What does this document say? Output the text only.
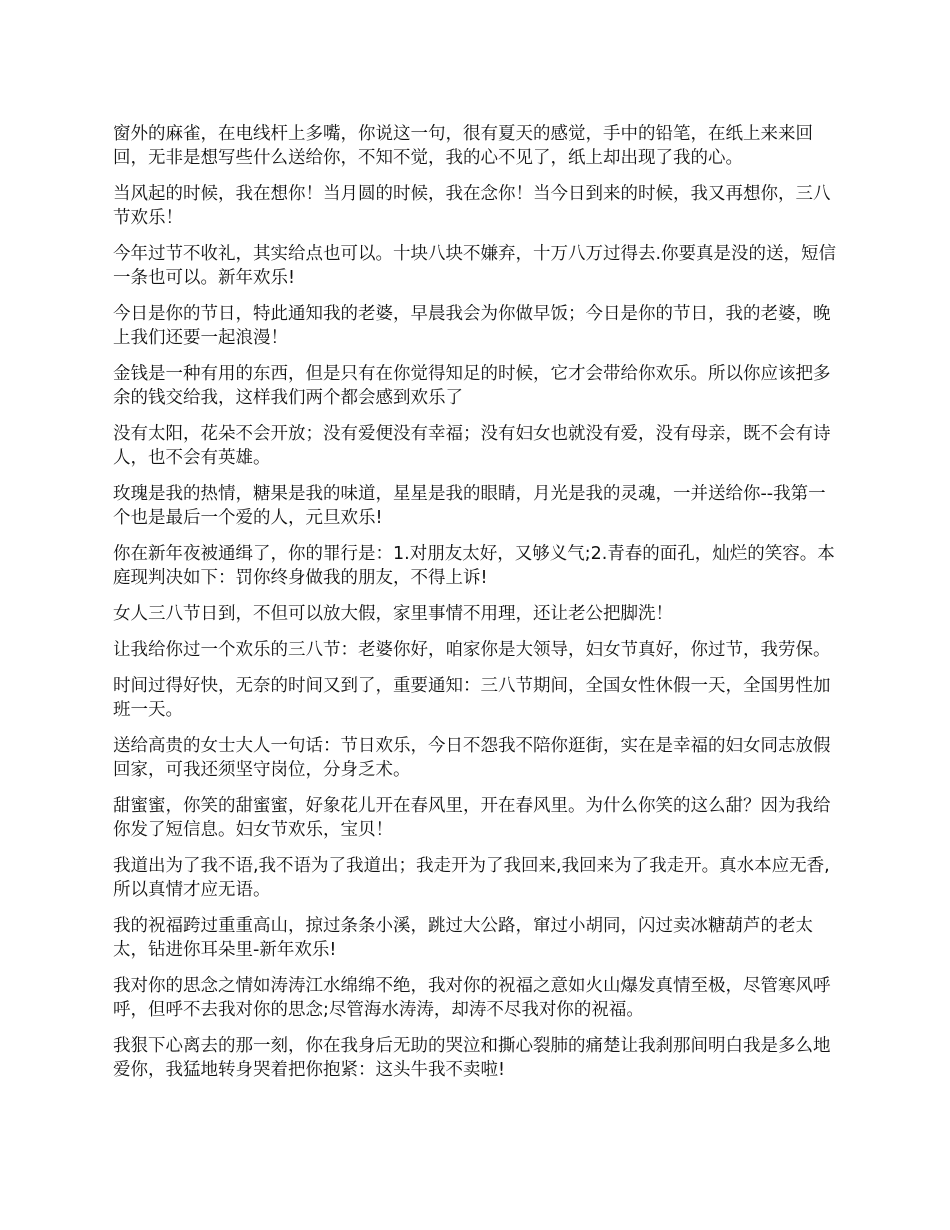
窗外的麻雀，在电线杆上多嘴，你说这一句，很有夏天的感觉，手中的铅笔，在纸上来来回回，无非是想写些什么送给你，不知不觉，我的心不见了，纸上却出现了我的心。

当风起的时候，我在想你！当月圆的时候，我在念你！当今日到来的时候，我又再想你，三八节欢乐！

今年过节不收礼，其实给点也可以。十块八块不嫌弃，十万八万过得去.你要真是没的送，短信一条也可以。新年欢乐!

今日是你的节日，特此通知我的老婆，早晨我会为你做早饭；今日是你的节日，我的老婆，晚上我们还要一起浪漫！

金钱是一种有用的东西，但是只有在你觉得知足的时候，它才会带给你欢乐。所以你应该把多余的钱交给我，这样我们两个都会感到欢乐了

没有太阳，花朵不会开放；没有爱便没有幸福；没有妇女也就没有爱，没有母亲，既不会有诗人，也不会有英雄。

玫瑰是我的热情，糖果是我的味道，星星是我的眼睛，月光是我的灵魂，一并送给你--我第一个也是最后一个爱的人，元旦欢乐!

你在新年夜被通缉了，你的罪行是：1.对朋友太好，又够义气;2.青春的面孔，灿烂的笑容。本庭现判决如下：罚你终身做我的朋友，不得上诉!

女人三八节日到，不但可以放大假，家里事情不用理，还让老公把脚洗！

让我给你过一个欢乐的三八节：老婆你好，咱家你是大领导，妇女节真好，你过节，我劳保。

时间过得好快，无奈的时间又到了，重要通知：三八节期间，全国女性休假一天，全国男性加班一天。

送给高贵的女士大人一句话：节日欢乐，今日不怨我不陪你逛街，实在是幸福的妇女同志放假回家，可我还须坚守岗位，分身乏术。

甜蜜蜜，你笑的甜蜜蜜，好象花儿开在春风里，开在春风里。为什么你笑的这么甜？因为我给你发了短信息。妇女节欢乐，宝贝！

我道出为了我不语,我不语为了我道出；我走开为了我回来,我回来为了我走开。真水本应无香,所以真情才应无语。

我的祝福跨过重重高山，掠过条条小溪，跳过大公路，窜过小胡同，闪过卖冰糖葫芦的老太太，钻进你耳朵里-新年欢乐!

我对你的思念之情如涛涛江水绵绵不绝，我对你的祝福之意如火山爆发真情至极，尽管寒风呼呼，但呼不去我对你的思念;尽管海水涛涛，却涛不尽我对你的祝福。

我狠下心离去的那一刻，你在我身后无助的哭泣和撕心裂肺的痛楚让我刹那间明白我是多么地爱你，我猛地转身哭着把你抱紧：这头牛我不卖啦!
